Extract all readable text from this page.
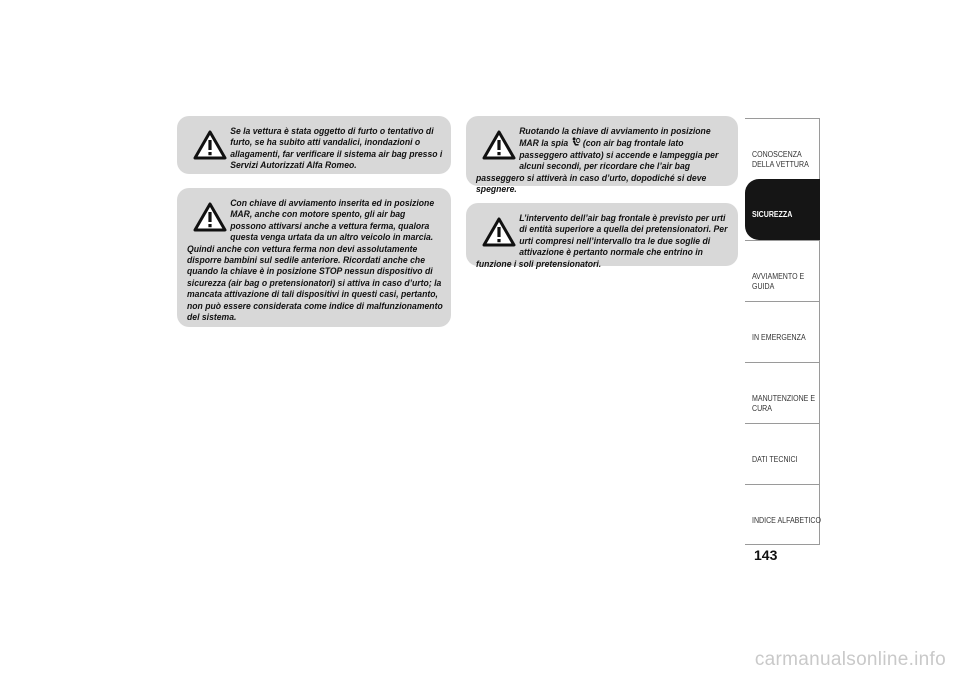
Se la vettura è stata oggetto di furto o tentativo di furto, se ha subito atti vandalici, inondazioni o allagamenti, far verificare il sistema air bag presso i Servizi Autorizzati Alfa Romeo.
Con chiave di avviamento inserita ed in posizione MAR, anche con motore spento, gli air bag possono attivarsi anche a vettura ferma, qualora questa venga urtata da un altro veicolo in marcia. Quindi anche con vettura ferma non devi assolutamente disporre bambini sul sedile anteriore. Ricordati anche che quando la chiave è in posizione STOP nessun dispositivo di sicurezza (air bag o pretensionatori) si attiva in caso d’urto; la mancata attivazione di tali dispositivi in questi casi, pertanto, non può essere considerata come indice di malfunzionamento del sistema.
Ruotando la chiave di avviamento in posizione MAR la spia  (con air bag frontale lato passeggero attivato) si accende e lampeggia per alcuni secondi, per ricordare che l’air bag passeggero si attiverà in caso d’urto, dopodiché si deve spegnere.
L’intervento dell’air bag frontale è previsto per urti di entità superiore a quella dei pretensionatori. Per urti compresi nell’intervallo tra le due soglie di attivazione è pertanto normale che entrino in funzione i soli pretensionatori.
CONOSCENZA
DELLA VETTURA
SICUREZZA
AVVIAMENTO E
GUIDA
IN EMERGENZA
MANUTENZIONE E
CURA
DATI TECNICI
INDICE ALFABETICO
143
carmanualsonline.info
